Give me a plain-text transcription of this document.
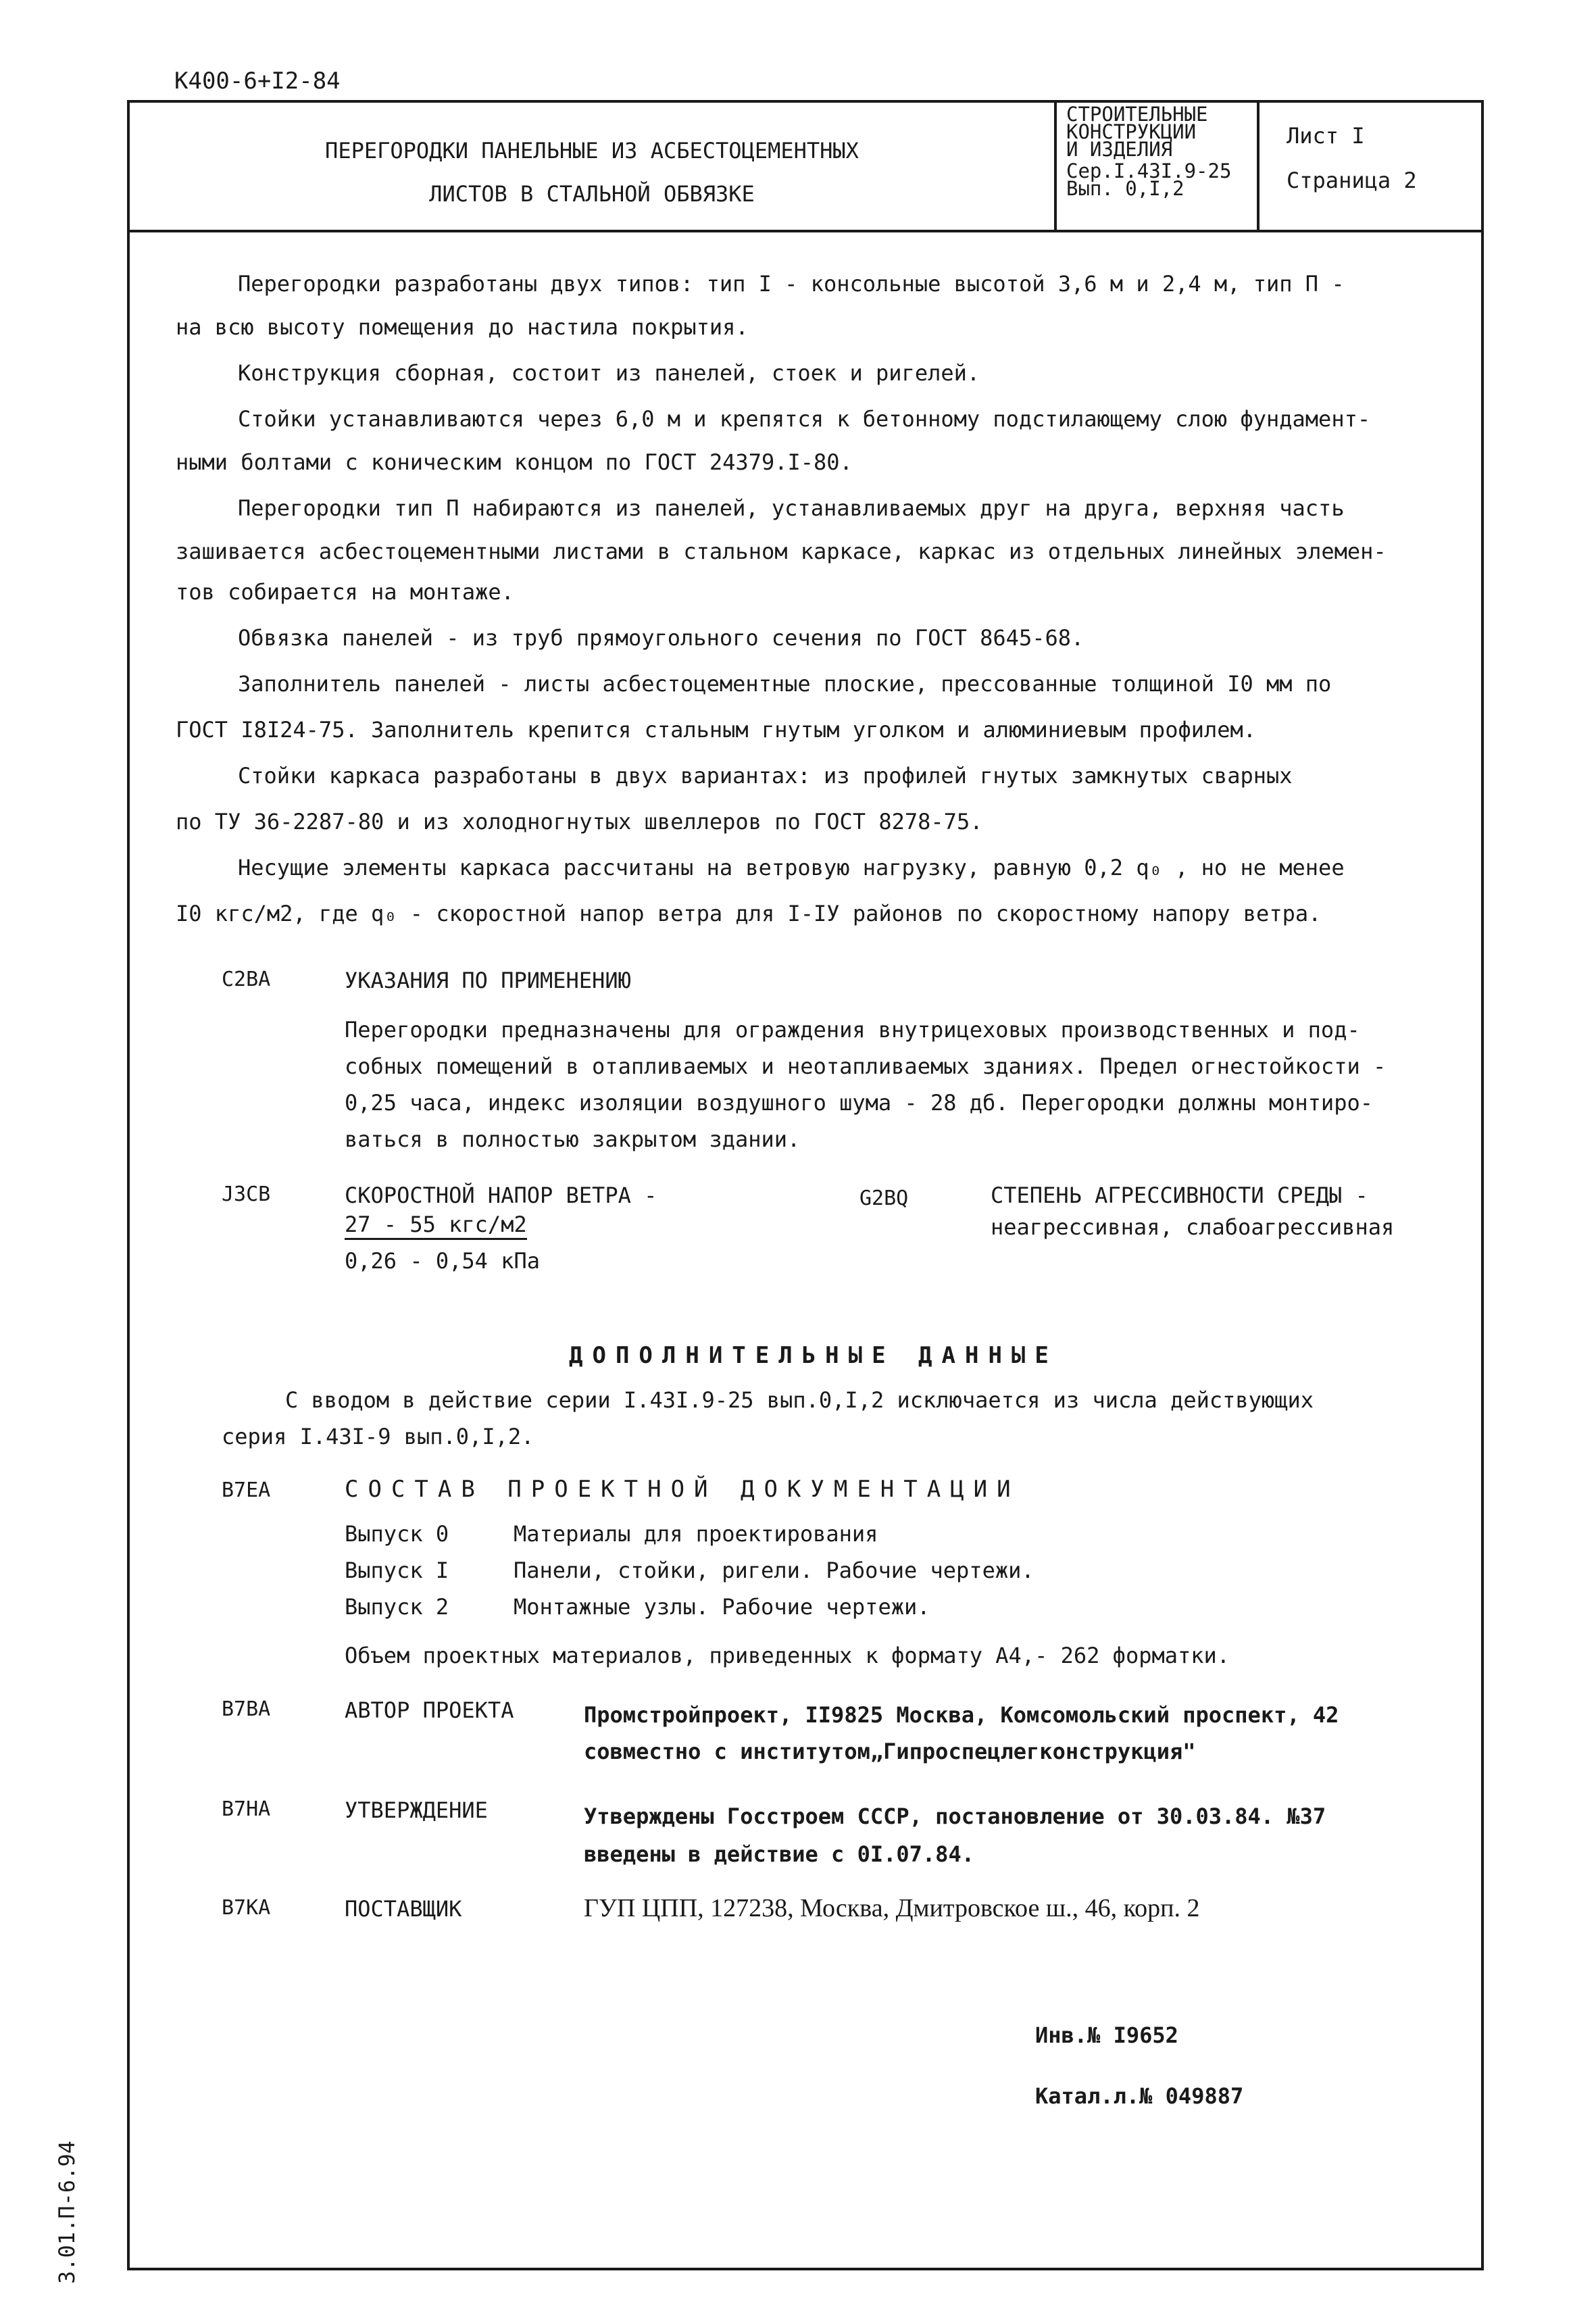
К400-6+I2-84
3.01.П-6.94
ПЕРЕГОРОДКИ ПАНЕЛЬНЫЕ ИЗ АСБЕСТОЦЕМЕНТНЫХ
ЛИСТОВ В СТАЛЬНОЙ ОБВЯЗКЕ
СТРОИТЕЛЬНЫЕ
КОНСТРУКЦИИ
И ИЗДЕЛИЯ
Сер.I.43I.9-25
Вып. 0,I,2
Лист I
Страница 2
Перегородки разработаны двух типов: тип I - консольные высотой 3,6 м и 2,4 м, тип П -
на всю высоту помещения до настила покрытия.
Конструкция сборная, состоит из панелей, стоек и ригелей.
Стойки устанавливаются через 6,0 м и крепятся к бетонному подстилающему слою фундамент-
ными болтами с коническим концом по ГОСТ 24379.I-80.
Перегородки тип П набираются из панелей, устанавливаемых друг на друга, верхняя часть
зашивается асбестоцементными листами в стальном каркасе, каркас из отдельных линейных элемен-
тов собирается на монтаже.
Обвязка панелей - из труб прямоугольного сечения по ГОСТ 8645-68.
Заполнитель панелей - листы асбестоцементные плоские, прессованные толщиной I0 мм по
ГОСТ I8I24-75. Заполнитель крепится стальным гнутым уголком и алюминиевым профилем.
Стойки каркаса разработаны в двух вариантах: из профилей гнутых замкнутых сварных
по ТУ 36-2287-80 и из холодногнутых швеллеров по ГОСТ 8278-75.
Несущие элементы каркаса рассчитаны на ветровую нагрузку, равную 0,2 q₀ , но не менее
I0 кгс/м2, где q₀ - скоростной напор ветра для I-IУ районов по скоростному напору ветра.
C2BA	УКАЗАНИЯ ПО ПРИМЕНЕНИЮ
Перегородки предназначены для ограждения внутрицеховых производственных и под-
собных помещений в отапливаемых и неотапливаемых зданиях. Предел огнестойкости -
0,25 часа, индекс изоляции воздушного шума - 28 дб. Перегородки должны монтиро-
ваться в полностью закрытом здании.
J3CB	СКОРОСТНОЙ НАПОР ВЕТРА -
27 - 55 кгс/м2
0,26 - 0,54 кПа
G2BQ	СТЕПЕНЬ АГРЕССИВНОСТИ СРЕДЫ -
неагрессивная, слабоагрессивная
ДОПОЛНИТЕЛЬНЫЕ ДАННЫЕ
С вводом в действие серии I.43I.9-25 вып.0,I,2 исключается из числа действующих
серия I.43I-9 вып.0,I,2.
B7EA	СОСТАВ ПРОЕКТНОЙ ДОКУМЕНТАЦИИ
Выпуск 0	Материалы для проектирования
Выпуск I	Панели, стойки, ригели. Рабочие чертежи.
Выпуск 2	Монтажные узлы. Рабочие чертежи.
Объем проектных материалов, приведенных к формату А4,- 262 форматки.
B7BA	АВТОР ПРОЕКТА	Промстройпроект, II9825 Москва, Комсомольский проспект, 42
совместно с институтом„Гипроспецлегконструкция"
B7HA	УТВЕРЖДЕНИЕ	Утверждены Госстроем СССР, постановление от 30.03.84. №37
введены в действие с 0I.07.84.
B7KA	ПОСТАВЩИК	ГУП ЦПП, 127238, Москва, Дмитровское ш., 46, корп. 2
Инв.№ I9652
Катал.л.№ 049887
